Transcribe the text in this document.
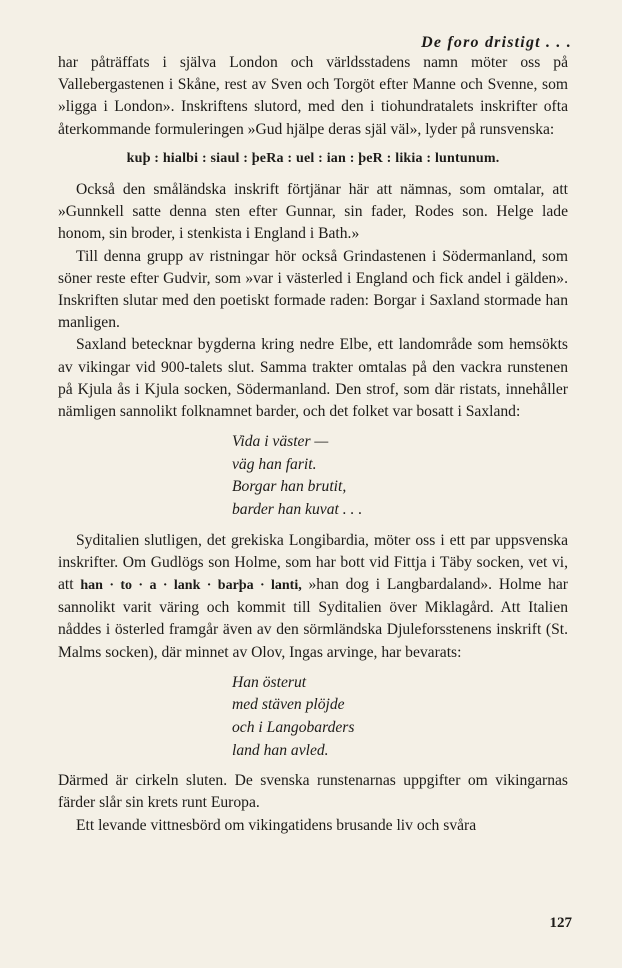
De foro dristigt . . .

har påträffats i själva London och världsstadens namn möter oss på Vallebergastenen i Skåne, rest av Sven och Torgöt efter Manne och Svenne, som »ligga i London». Inskriftens slutord, med den i tiohundratalets inskrifter ofta återkommande formuleringen »Gud hjälpe deras själ väl», lyder på runsvenska:

kuþ : hialbi : siaul : þeRa : uel : ian : þeR : likia : luntunum.

Också den småländska inskrift förtjänar här att nämnas, som omtalar, att »Gunnkell satte denna sten efter Gunnar, sin fader, Rodes son. Helge lade honom, sin broder, i stenkista i England i Bath.»

Till denna grupp av ristningar hör också Grindastenen i Södermanland, som söner reste efter Gudvir, som »var i västerled i England och fick andel i gälden». Inskriften slutar med den poetiskt formade raden: Borgar i Saxland stormade han manligen.

Saxland betecknar bygderna kring nedre Elbe, ett landområde som hemsökts av vikingar vid 900-talets slut. Samma trakter omtalas på den vackra runstenen på Kjula ås i Kjula socken, Södermanland. Den strof, som där ristats, innehåller nämligen sannolikt folknamnet barder, och det folket var bosatt i Saxland:

Vida i väster —
väg han farit.
Borgar han brutit,
barder han kuvat . . .

Syditalien slutligen, det grekiska Longibardia, möter oss i ett par uppsvenska inskrifter. Om Gudlögs son Holme, som har bott vid Fittja i Täby socken, vet vi, att han · to · a · lank · barþa · lanti, »han dog i Langbardaland». Holme har sannolikt varit väring och kommit till Syditalien över Miklagård. Att Italien nåddes i österled framgår även av den sörmländska Djuleforsstenens inskrift (St. Malms socken), där minnet av Olov, Ingas arvinge, har bevarats:

Han österut
med stäven plöjde
och i Langobarders
land han avled.

Därmed är cirkeln sluten. De svenska runstenarnas uppgifter om vikingarnas färder slår sin krets runt Europa.

Ett levande vittnesbörd om vikingatidens brusande liv och svåra

127
